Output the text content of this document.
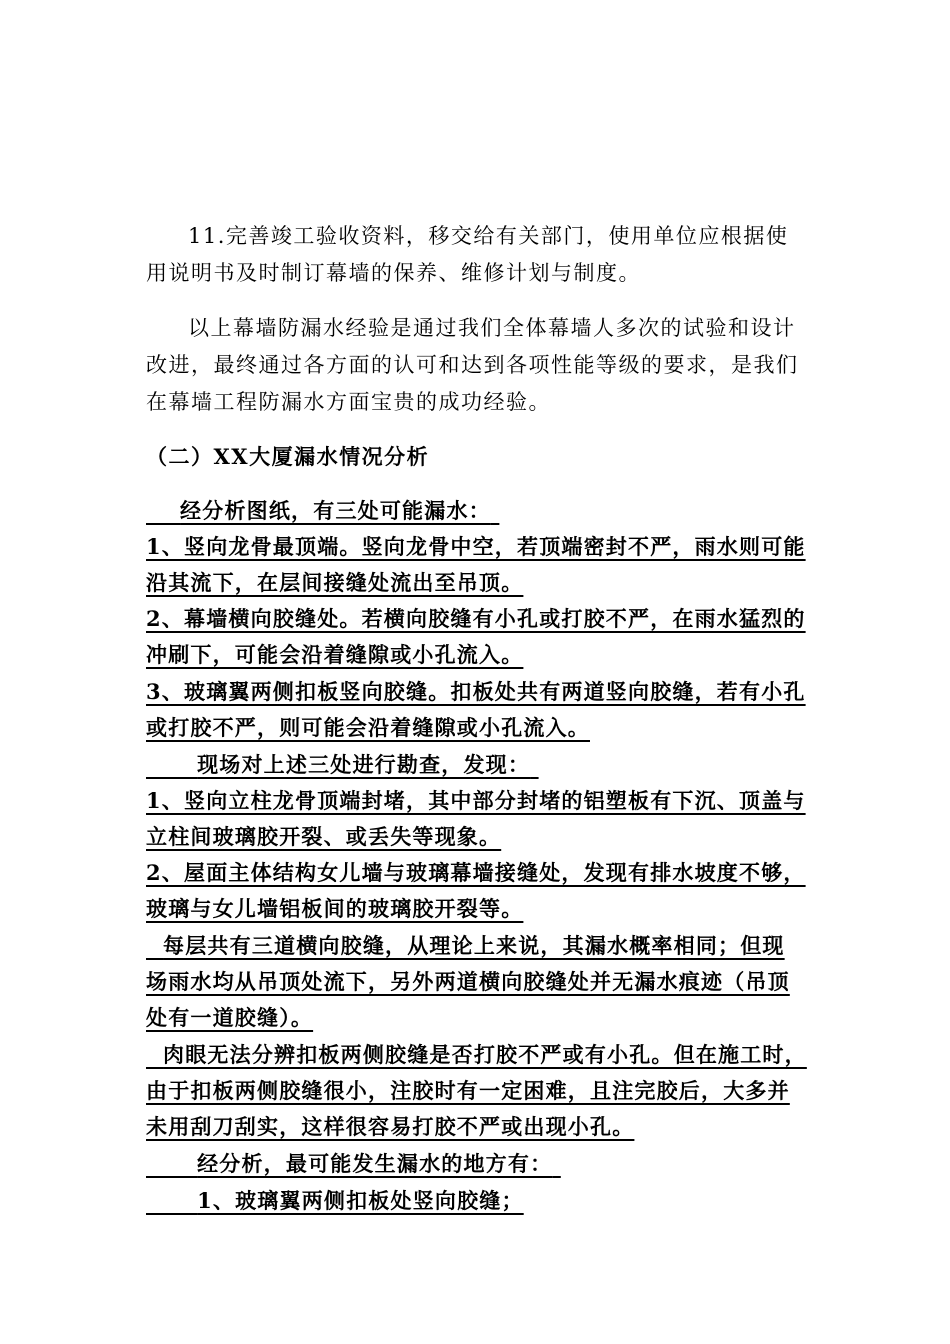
11.完善竣工验收资料，移交给有关部门，使用单位应根据使用说明书及时制订幕墙的保养、维修计划与制度。

以上幕墙防漏水经验是通过我们全体幕墙人多次的试验和设计改进，最终通过各方面的认可和达到各项性能等级的要求，是我们在幕墙工程防漏水方面宝贵的成功经验。

（二）XX大厦漏水情况分析

经分析图纸，有三处可能漏水：

1、竖向龙骨最顶端。竖向龙骨中空，若顶端密封不严，雨水则可能

沿其流下，在层间接缝处流出至吊顶。

2、幕墙横向胶缝处。若横向胶缝有小孔或打胶不严，在雨水猛烈的

冲刷下，可能会沿着缝隙或小孔流入。

3、玻璃翼两侧扣板竖向胶缝。扣板处共有两道竖向胶缝，若有小孔

或打胶不严，则可能会沿着缝隙或小孔流入。

现场对上述三处进行勘查，发现：

1、竖向立柱龙骨顶端封堵，其中部分封堵的铝塑板有下沉、顶盖与

立柱间玻璃胶开裂、或丢失等现象。

2、屋面主体结构女儿墙与玻璃幕墙接缝处，发现有排水坡度不够，

玻璃与女儿墙铝板间的玻璃胶开裂等。

每层共有三道横向胶缝，从理论上来说，其漏水概率相同；但现

场雨水均从吊顶处流下，另外两道横向胶缝处并无漏水痕迹（吊顶

处有一道胶缝）。

肉眼无法分辨扣板两侧胶缝是否打胶不严或有小孔。但在施工时，

由于扣板两侧胶缝很小，注胶时有一定困难，且注完胶后，大多并

未用刮刀刮实，这样很容易打胶不严或出现小孔。

经分析，最可能发生漏水的地方有：

1、玻璃翼两侧扣板处竖向胶缝；
